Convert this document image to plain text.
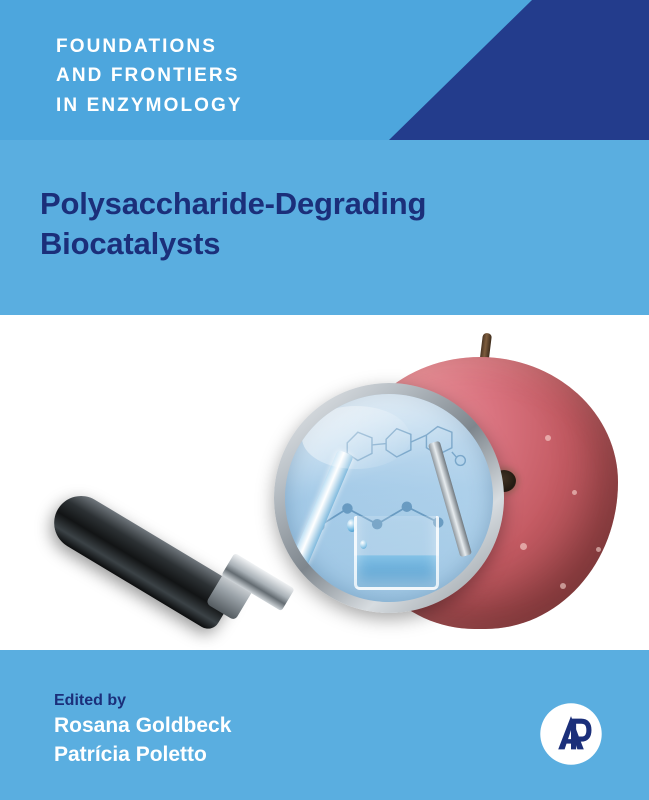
FOUNDATIONS
AND FRONTIERS
IN ENZYMOLOGY
Polysaccharide-Degrading
Biocatalysts
Edited by
Rosana Goldbeck
Patrícia Poletto
